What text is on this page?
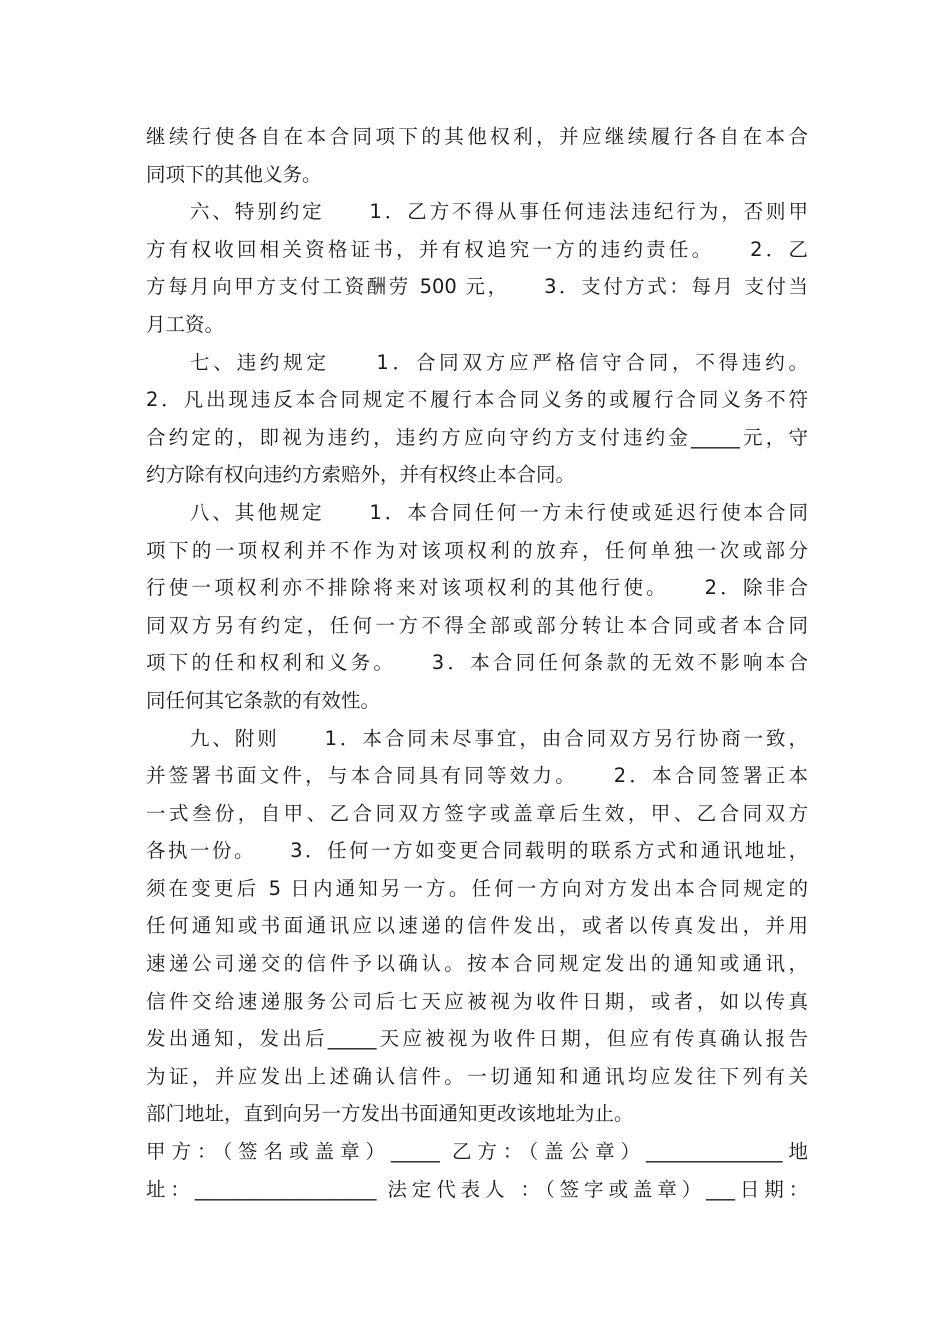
继续行使各自在本合同项下的其他权利，并应继续履行各自在本合
同项下的其他义务。
六、特别约定　　1．乙方不得从事任何违法违纪行为，否则甲
方有权收回相关资格证书，并有权追究一方的违约责任。　　2．乙
方每月向甲方支付工资酬劳 500 元，　　3．支付方式：每月 支付当
月工资。
七、违约规定　　1．合同双方应严格信守合同，不得违约。
2．凡出现违反本合同规定不履行本合同义务的或履行合同义务不符
合约定的，即视为违约，违约方应向守约方支付违约金_____元，守
约方除有权向违约方索赔外，并有权终止本合同。
八、其他规定　　1．本合同任何一方未行使或延迟行使本合同
项下的一项权利并不作为对该项权利的放弃，任何单独一次或部分
行使一项权利亦不排除将来对该项权利的其他行使。　　2．除非合
同双方另有约定，任何一方不得全部或部分转让本合同或者本合同
项下的任和权利和义务。　　3．本合同任何条款的无效不影响本合
同任何其它条款的有效性。
九、附则　　1．本合同未尽事宜，由合同双方另行协商一致，
并签署书面文件，与本合同具有同等效力。　　2．本合同签署正本
一式叁份，自甲、乙合同双方签字或盖章后生效，甲、乙合同双方
各执一份。　　3．任何一方如变更合同载明的联系方式和通讯地址，
须在变更后 5 日内通知另一方。任何一方向对方发出本合同规定的
任何通知或书面通讯应以速递的信件发出，或者以传真发出，并用
速递公司递交的信件予以确认。按本合同规定发出的通知或通讯，
信件交给速递服务公司后七天应被视为收件日期，或者，如以传真
发出通知，发出后_____天应被视为收件日期，但应有传真确认报告
为证，并应发出上述确认信件。一切通知和通讯均应发往下列有关
部门地址，直到向另一方发出书面通知更改该地址为止。
甲方：（签名或盖章）_____ 乙方：（盖公章）______________地
址：___________________ 法定代表人 ：（签字或盖章）___日期：
